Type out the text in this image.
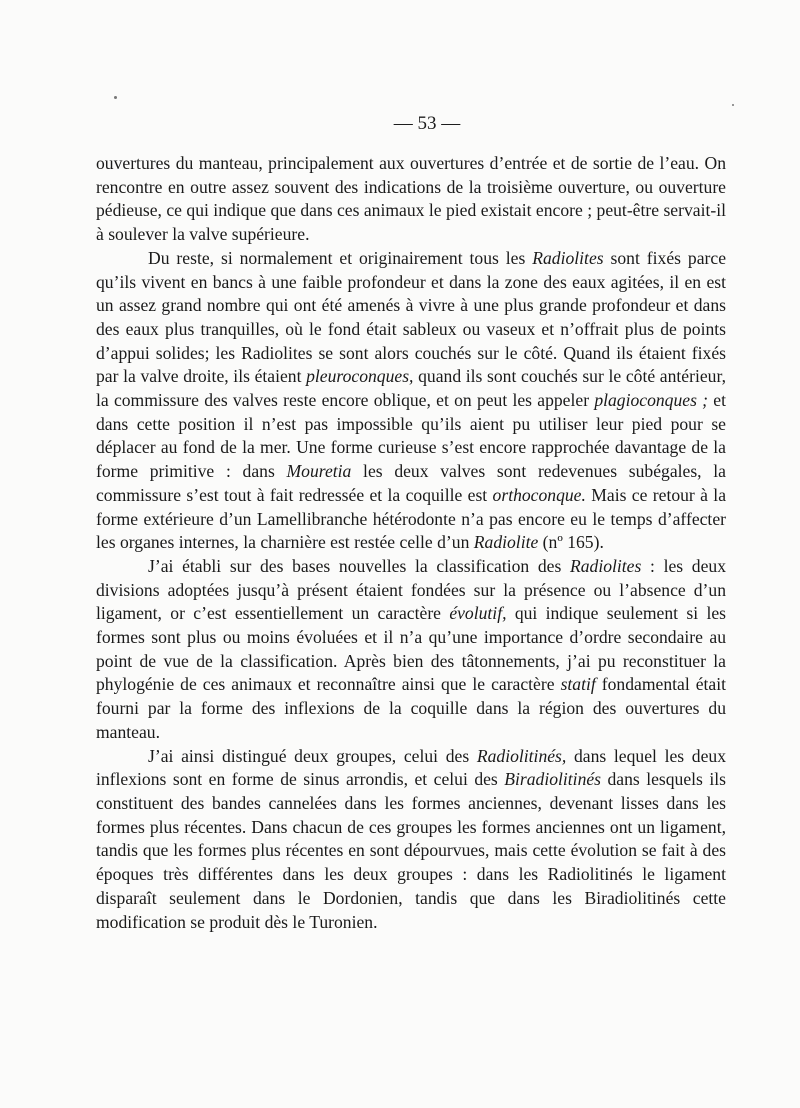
— 53 —

ouvertures du manteau, principalement aux ouvertures d’entrée et de sortie de l’eau. On rencontre en outre assez souvent des indications de la troisième ouverture, ou ouverture pédieuse, ce qui indique que dans ces animaux le pied existait encore ; peut-être servait-il à soulever la valve supérieure.

Du reste, si normalement et originairement tous les Radiolites sont fixés parce qu’ils vivent en bancs à une faible profondeur et dans la zone des eaux agitées, il en est un assez grand nombre qui ont été amenés à vivre à une plus grande profondeur et dans des eaux plus tranquilles, où le fond était sableux ou vaseux et n’offrait plus de points d’appui solides; les Radiolites se sont alors couchés sur le côté. Quand ils étaient fixés par la valve droite, ils étaient pleuroconques, quand ils sont couchés sur le côté antérieur, la commissure des valves reste encore oblique, et on peut les appeler plagioconques ; et dans cette position il n’est pas impossible qu’ils aient pu utiliser leur pied pour se déplacer au fond de la mer. Une forme curieuse s’est encore rapprochée davantage de la forme primitive : dans Mouretia les deux valves sont redevenues subégales, la commissure s’est tout à fait redressée et la coquille est orthoconque. Mais ce retour à la forme extérieure d’un Lamellibranche hétérodonte n’a pas encore eu le temps d’affecter les organes internes, la charnière est restée celle d’un Radiolite (nº 165).

J’ai établi sur des bases nouvelles la classification des Radiolites : les deux divisions adoptées jusqu’à présent étaient fondées sur la présence ou l’absence d’un ligament, or c’est essentiellement un caractère évolutif, qui indique seulement si les formes sont plus ou moins évoluées et il n’a qu’une importance d’ordre secondaire au point de vue de la classification. Après bien des tâtonnements, j’ai pu reconstituer la phylogénie de ces animaux et reconnaître ainsi que le caractère statif fondamental était fourni par la forme des inflexions de la coquille dans la région des ouvertures du manteau.

J’ai ainsi distingué deux groupes, celui des Radiolitinés, dans lequel les deux inflexions sont en forme de sinus arrondis, et celui des Biradiolitinés dans lesquels ils constituent des bandes cannelées dans les formes anciennes, devenant lisses dans les formes plus récentes. Dans chacun de ces groupes les formes anciennes ont un ligament, tandis que les formes plus récentes en sont dépourvues, mais cette évolution se fait à des époques très différentes dans les deux groupes : dans les Radiolitinés le ligament disparaît seulement dans le Dordonien, tandis que dans les Biradiolitinés cette modification se produit dès le Turonien.
